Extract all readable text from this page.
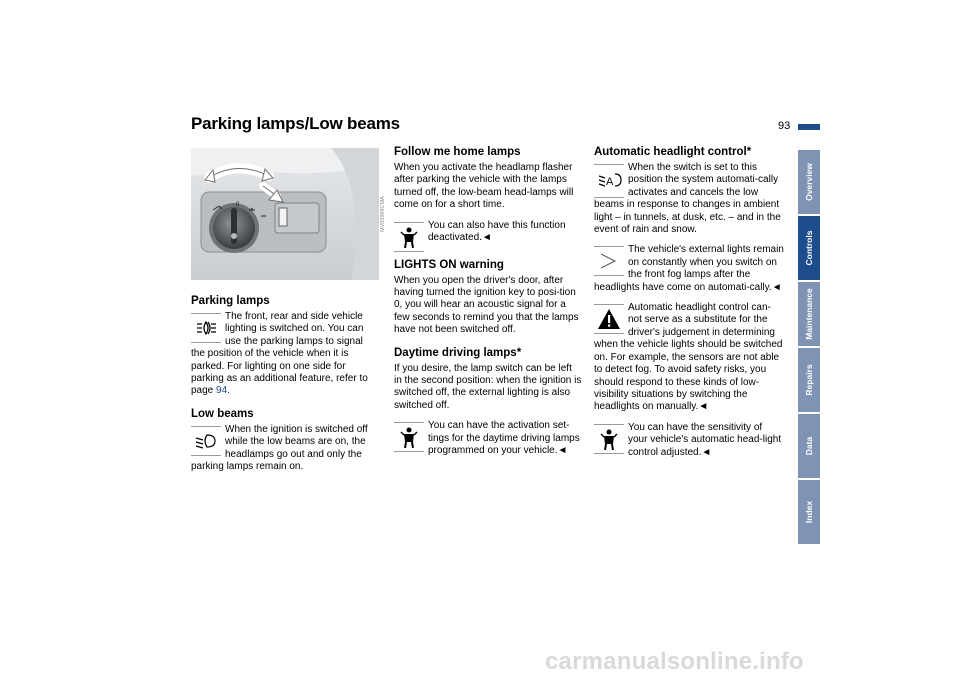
Parking lamps/Low beams	93
0	MV03989CMA
Parking lamps

The front, rear and side vehicle lighting is switched on. You can use the parking lamps to signal the position of the vehicle when it is parked. For lighting on one side for parking as an additional feature, refer to page 94.

Low beams

When the ignition is switched off while the low beams are on, the headlamps go out and only the parking lamps remain on.

Follow me home lamps

When you activate the headlamp flasher after parking the vehicle with the lamps turned off, the low-beam head-lamps will come on for a short time.

You can also have this function deactivated.◄

LIGHTS ON warning

When you open the driver's door, after having turned the ignition key to posi-tion 0, you will hear an acoustic signal for a few seconds to remind you that the lamps have not been switched off.

Daytime driving lamps*

If you desire, the lamp switch can be left in the second position: when the ignition is switched off, the external lighting is also switched off.

You can have the activation set-tings for the daytime driving lamps programmed on your vehicle.◄

Automatic headlight control*
A

When the switch is set to this position the system automati-cally activates and cancels the low beams in response to changes in ambient light – in tunnels, at dusk, etc. – and in the event of rain and snow.

The vehicle's external lights remain on constantly when you switch on the front fog lamps after the headlights have come on automati-cally.◄

Automatic headlight control can-not serve as a substitute for the driver's judgement in determining when the vehicle lights should be switched on. For example, the sensors are not able to detect fog. To avoid safety risks, you should respond to these kinds of low-visibility situations by switching the headlights on manually.◄

You can have the sensitivity of your vehicle's automatic head-light control adjusted.◄

Overview
Controls
Maintenance
Repairs
Data
Index
carmanualsonline.info
